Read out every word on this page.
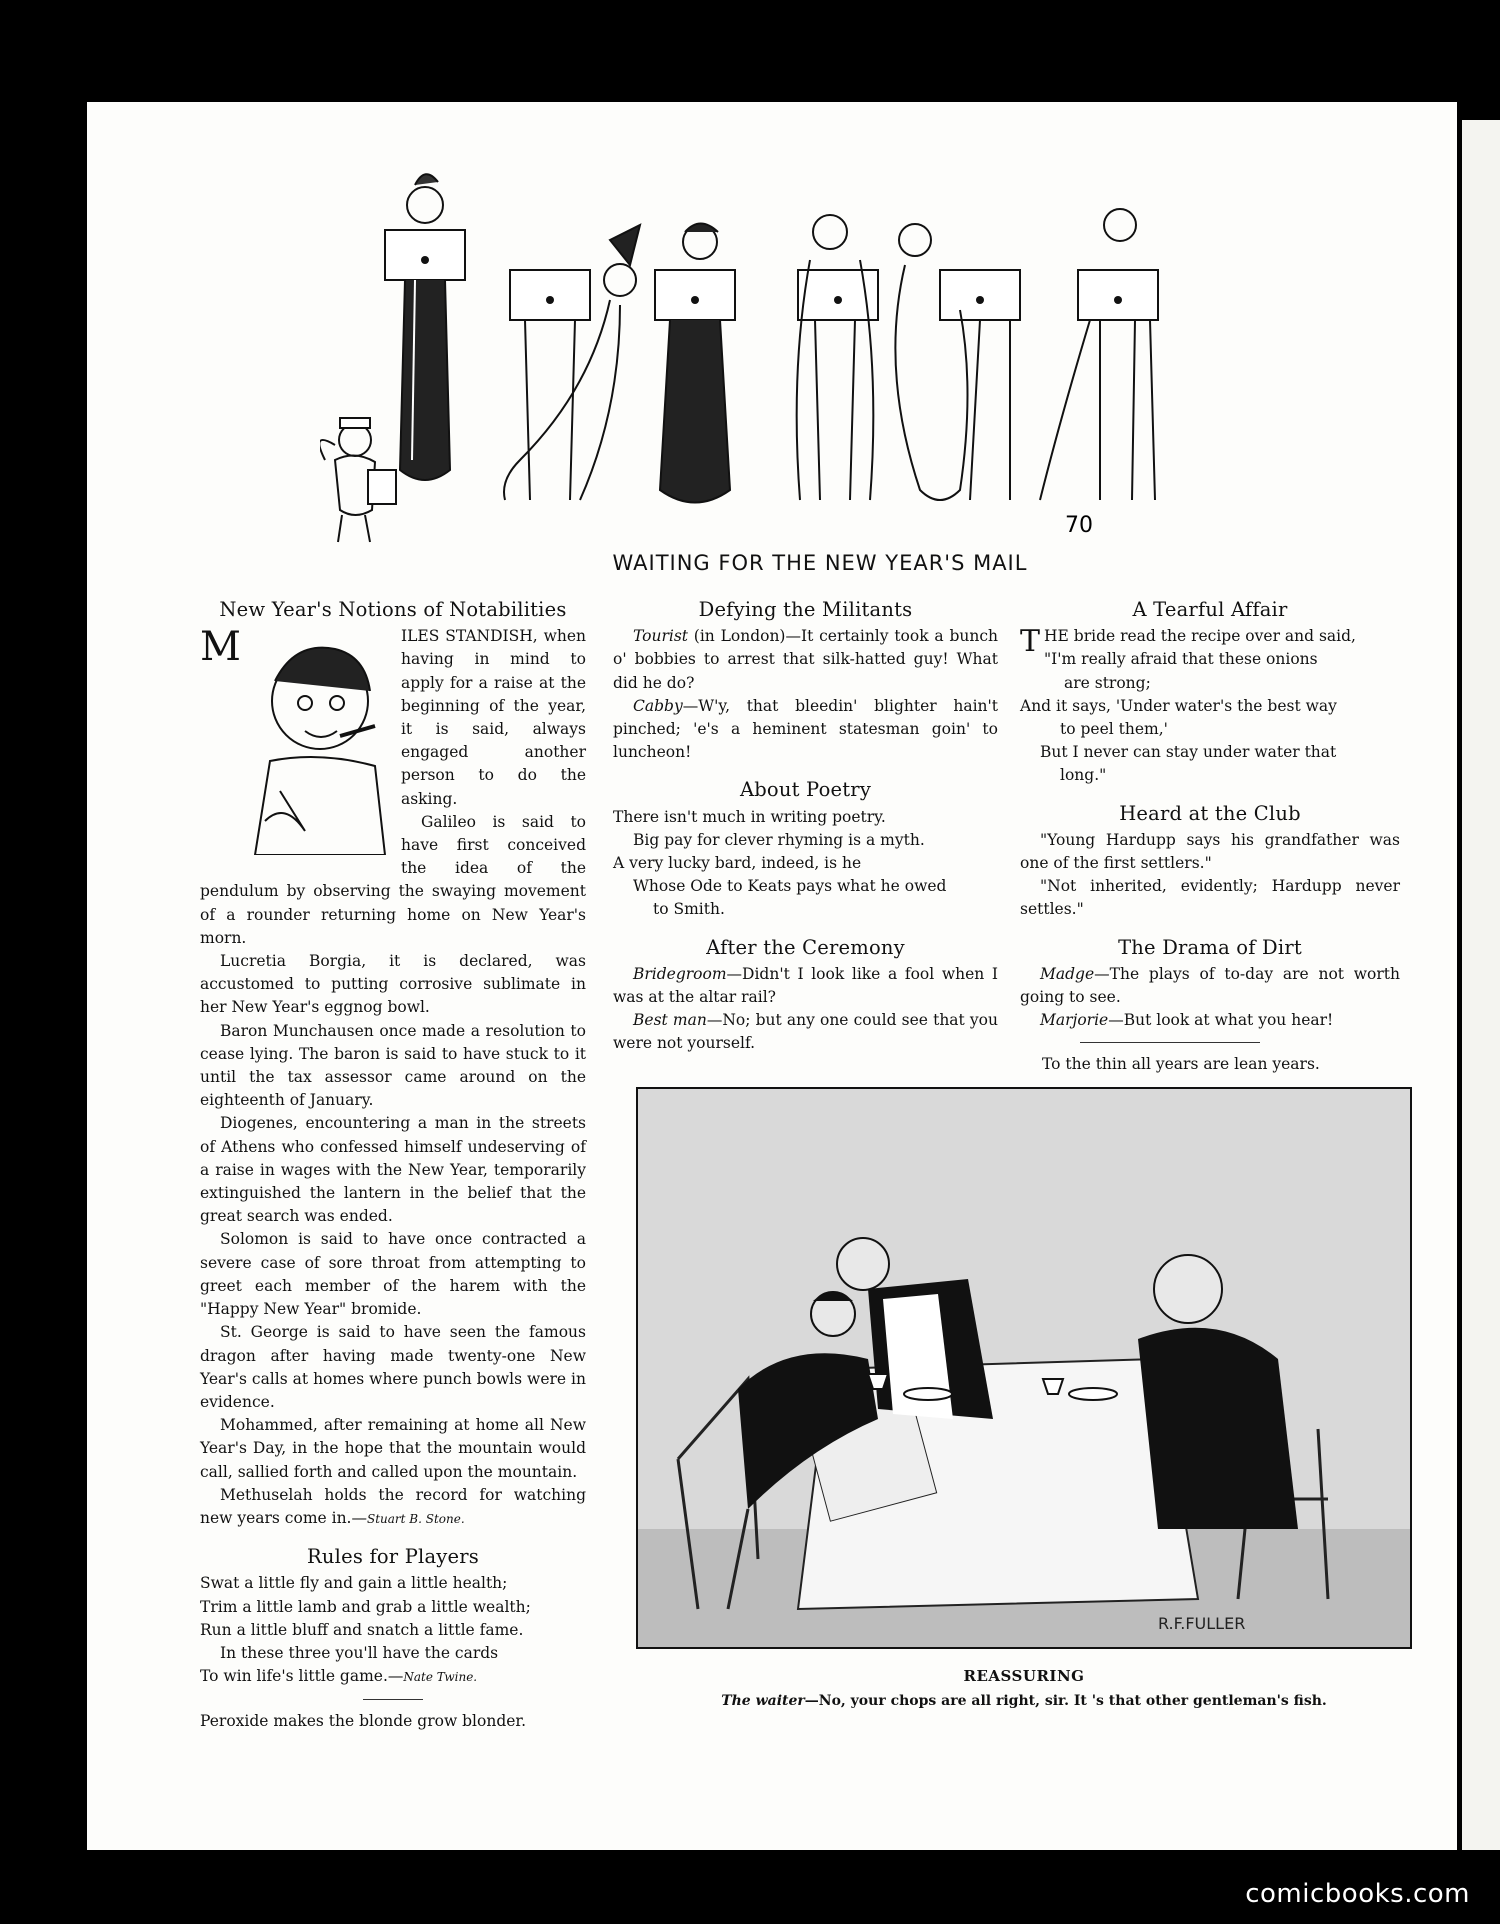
70
WAITING FOR THE NEW YEAR'S MAIL
New Year's Notions of Notabilities
M	ILES STANDISH, when having in mind to apply for a raise at the beginning of the year, it is said, always engaged another person to do the asking.

Galileo is said to have first conceived the idea of the pendulum by observing the swaying movement of a rounder returning home on New Year's morn.

Lucretia Borgia, it is declared, was accustomed to putting corrosive sublimate in her New Year's eggnog bowl.

Baron Munchausen once made a resolution to cease lying. The baron is said to have stuck to it until the tax assessor came around on the eighteenth of January.

Diogenes, encountering a man in the streets of Athens who confessed himself undeserving of a raise in wages with the New Year, temporarily extinguished the lantern in the belief that the great search was ended.

Solomon is said to have once contracted a severe case of sore throat from attempting to greet each member of the harem with the "Happy New Year" bromide.

St. George is said to have seen the famous dragon after having made twenty-one New Year's calls at homes where punch bowls were in evidence.

Mohammed, after remaining at home all New Year's Day, in the hope that the mountain would call, sallied forth and called upon the mountain.

Methuselah holds the record for watching new years come in.—Stuart B. Stone.

Rules for Players

Swat a little fly and gain a little health;

Trim a little lamb and grab a little wealth;

Run a little bluff and snatch a little fame.

In these three you'll have the cards

To win life's little game.—Nate Twine.

Peroxide makes the blonde grow blonder.

Defying the Militants

Tourist (in London)—It certainly took a bunch o' bobbies to arrest that silk-hatted guy! What did he do?

Cabby—W'y, that bleedin' blighter hain't pinched; 'e's a heminent statesman goin' to luncheon!

About Poetry

There isn't much in writing poetry.

Big pay for clever rhyming is a myth.

A very lucky bard, indeed, is he

Whose Ode to Keats pays what he owed

to Smith.

After the Ceremony

Bridegroom—Didn't I look like a fool when I was at the altar rail?

Best man—No; but any one could see that you were not yourself.

A Tearful Affair

THE bride read the recipe over and said,

"I'm really afraid that these onions

are strong;

And it says, 'Under water's the best way

to peel them,'

But I never can stay under water that

long."

Heard at the Club

"Young Hardupp says his grandfather was one of the first settlers."

"Not inherited, evidently; Hardupp never settles."

The Drama of Dirt

Madge—The plays of to-day are not worth going to see.

Marjorie—But look at what you hear!

To the thin all years are lean years.

R.F.FULLER
REASSURING
The waiter—No, your chops are all right, sir. It 's that other gentleman's fish.
comicbooks.com
